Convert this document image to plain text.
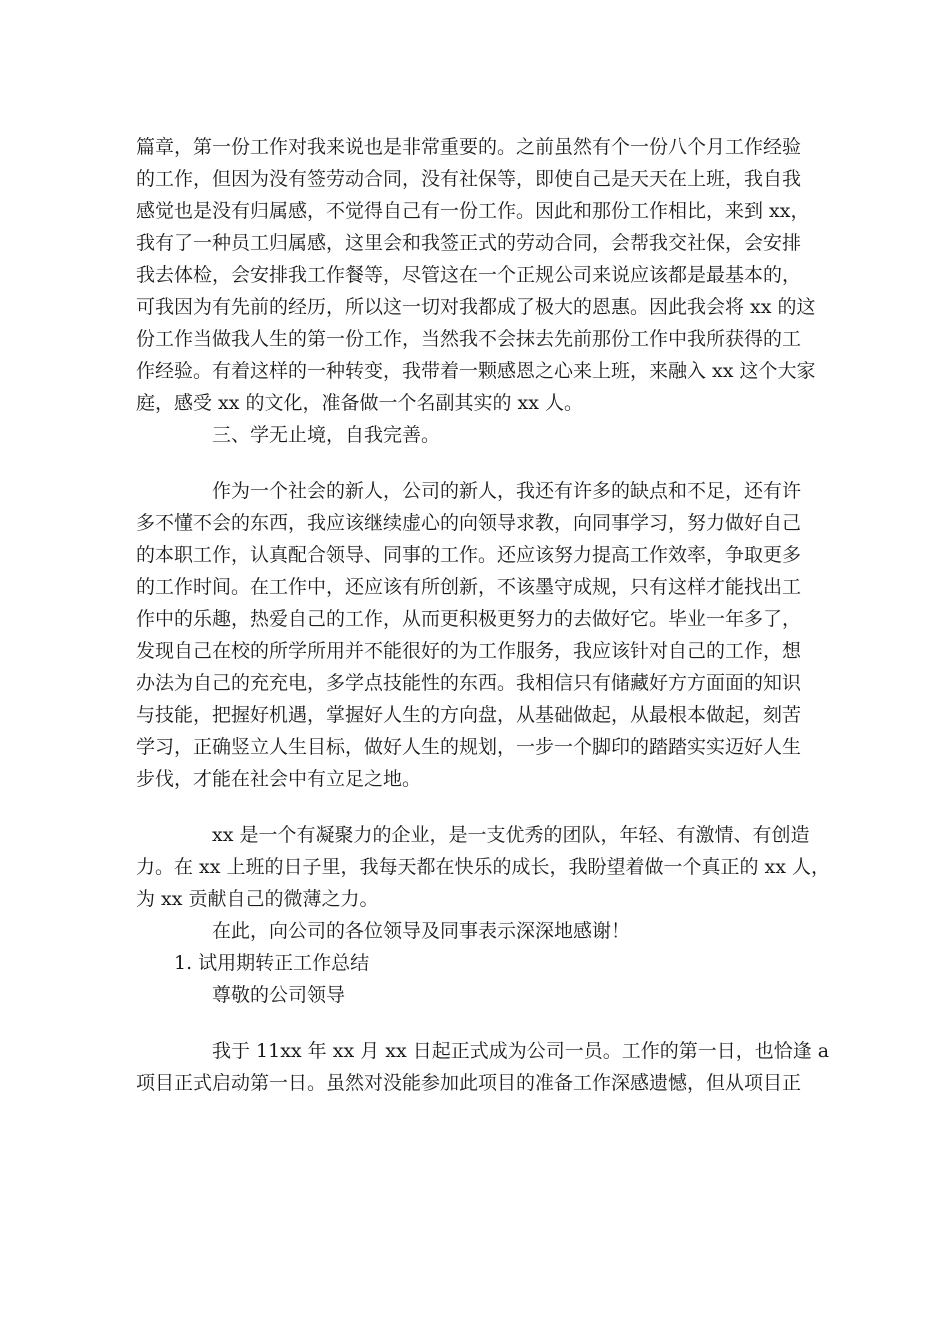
篇章，第一份工作对我来说也是非常重要的。之前虽然有个一份八个月工作经验
的工作，但因为没有签劳动合同，没有社保等，即使自己是天天在上班，我自我
感觉也是没有归属感，不觉得自己有一份工作。因此和那份工作相比，来到 xx，
我有了一种员工归属感，这里会和我签正式的劳动合同，会帮我交社保，会安排
我去体检，会安排我工作餐等，尽管这在一个正规公司来说应该都是最基本的，
可我因为有先前的经历，所以这一切对我都成了极大的恩惠。因此我会将 xx 的这
份工作当做我人生的第一份工作，当然我不会抹去先前那份工作中我所获得的工
作经验。有着这样的一种转变，我带着一颗感恩之心来上班，来融入 xx 这个大家
庭，感受 xx 的文化，准备做一个名副其实的 xx 人。

三、学无止境，自我完善。

作为一个社会的新人，公司的新人，我还有许多的缺点和不足，还有许
多不懂不会的东西，我应该继续虚心的向领导求教，向同事学习，努力做好自己
的本职工作，认真配合领导、同事的工作。还应该努力提高工作效率，争取更多
的工作时间。在工作中，还应该有所创新，不该墨守成规，只有这样才能找出工
作中的乐趣，热爱自己的工作，从而更积极更努力的去做好它。毕业一年多了，
发现自己在校的所学所用并不能很好的为工作服务，我应该针对自己的工作，想
办法为自己的充充电，多学点技能性的东西。我相信只有储藏好方方面面的知识
与技能，把握好机遇，掌握好人生的方向盘，从基础做起，从最根本做起，刻苦
学习，正确竖立人生目标，做好人生的规划，一步一个脚印的踏踏实实迈好人生
步伐，才能在社会中有立足之地。

xx 是一个有凝聚力的企业，是一支优秀的团队，年轻、有激情、有创造
力。在 xx 上班的日子里，我每天都在快乐的成长，我盼望着做一个真正的 xx 人，
为 xx 贡献自己的微薄之力。

在此，向公司的各位领导及同事表示深深地感谢！

1. 试用期转正工作总结

尊敬的公司领导

我于 11xx 年 xx 月 xx 日起正式成为公司一员。工作的第一日，也恰逢 a
项目正式启动第一日。虽然对没能参加此项目的准备工作深感遗憾，但从项目正
